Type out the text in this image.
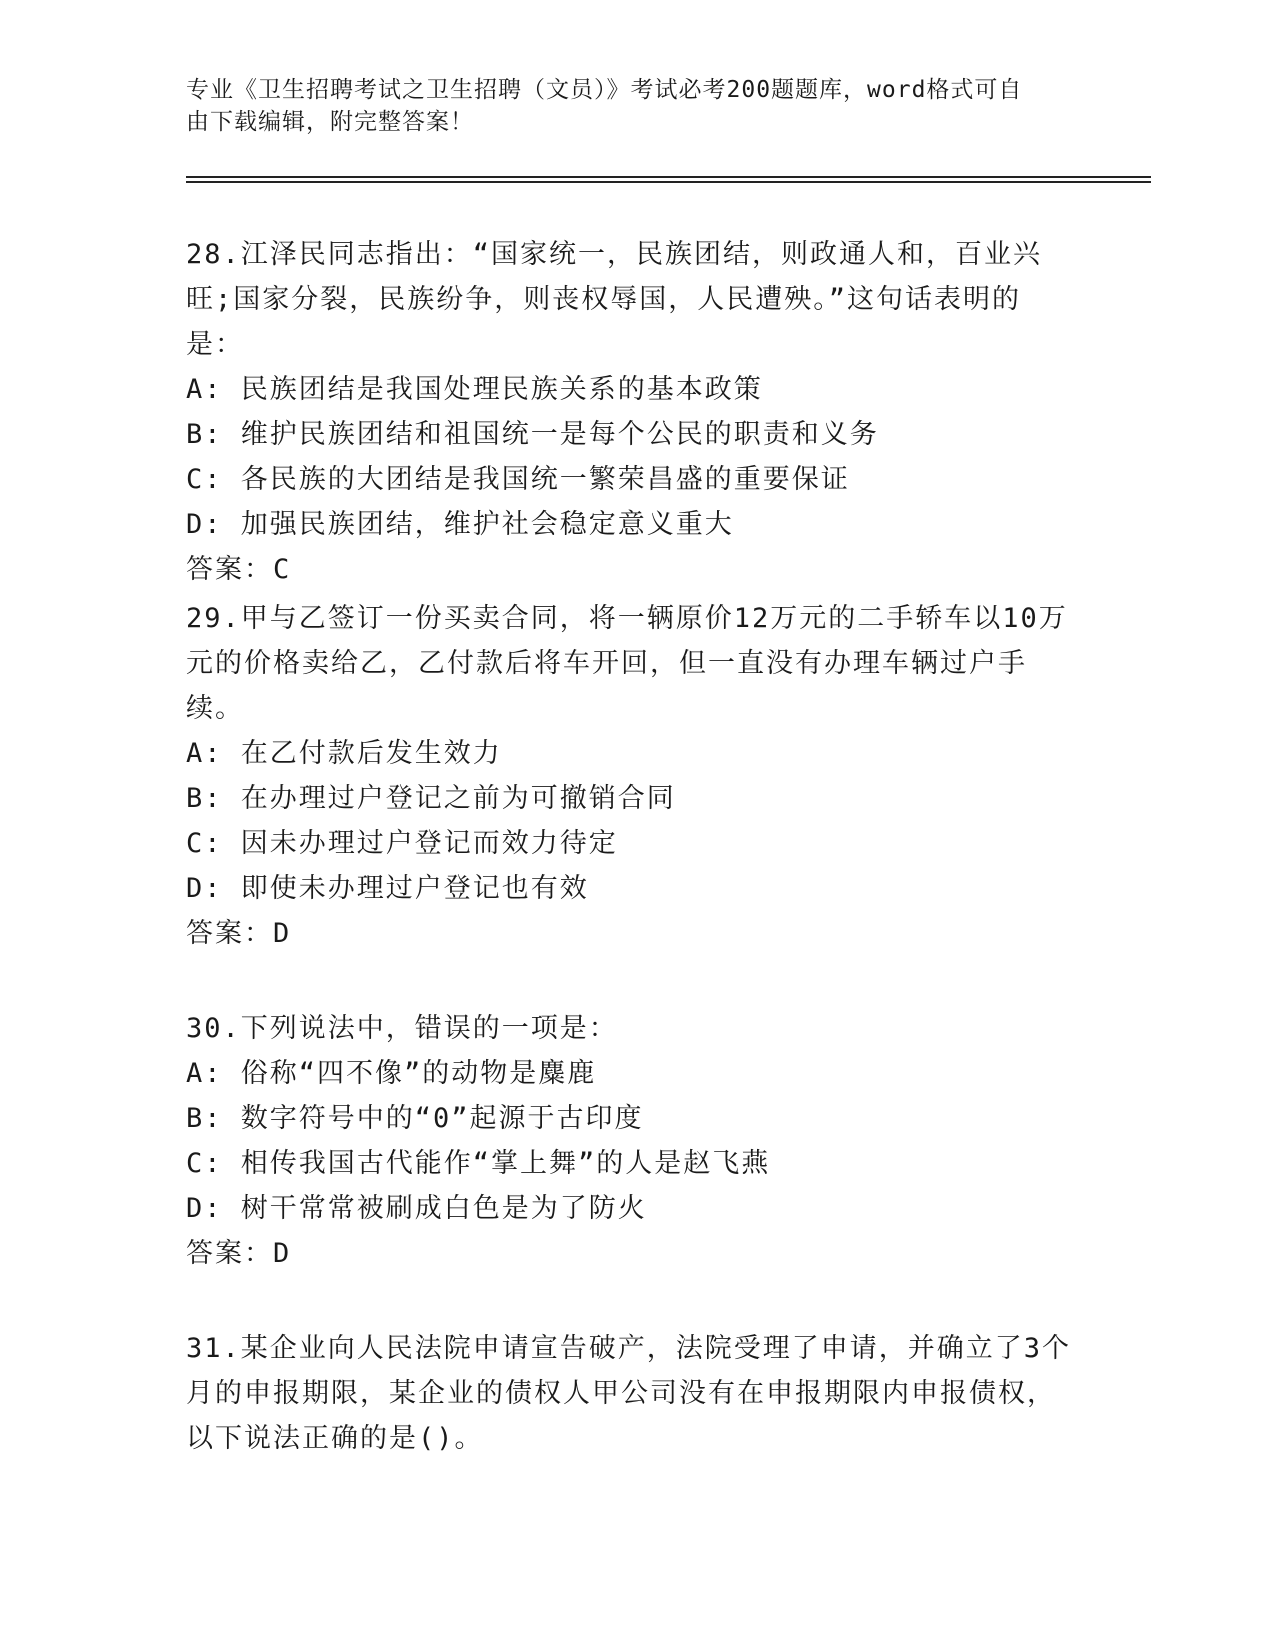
专业《卫生招聘考试之卫生招聘（文员）》考试必考200题题库，word格式可自
由下载编辑，附完整答案！
28.江泽民同志指出：“国家统一，民族团结，则政通人和，百业兴旺;国家分裂，民族纷争，则丧权辱国，人民遭殃。”这句话表明的是：
A: 民族团结是我国处理民族关系的基本政策
B: 维护民族团结和祖国统一是每个公民的职责和义务
C: 各民族的大团结是我国统一繁荣昌盛的重要保证
D: 加强民族团结，维护社会稳定意义重大
答案：C
29.甲与乙签订一份买卖合同，将一辆原价12万元的二手轿车以10万元的价格卖给乙，乙付款后将车开回，但一直没有办理车辆过户手续。
A: 在乙付款后发生效力
B: 在办理过户登记之前为可撤销合同
C: 因未办理过户登记而效力待定
D: 即使未办理过户登记也有效
答案：D
30.下列说法中，错误的一项是：
A: 俗称“四不像”的动物是麋鹿
B: 数字符号中的“0”起源于古印度
C: 相传我国古代能作“掌上舞”的人是赵飞燕
D: 树干常常被刷成白色是为了防火
答案：D
31.某企业向人民法院申请宣告破产，法院受理了申请，并确立了3个月的申报期限，某企业的债权人甲公司没有在申报期限内申报债权，以下说法正确的是()。
